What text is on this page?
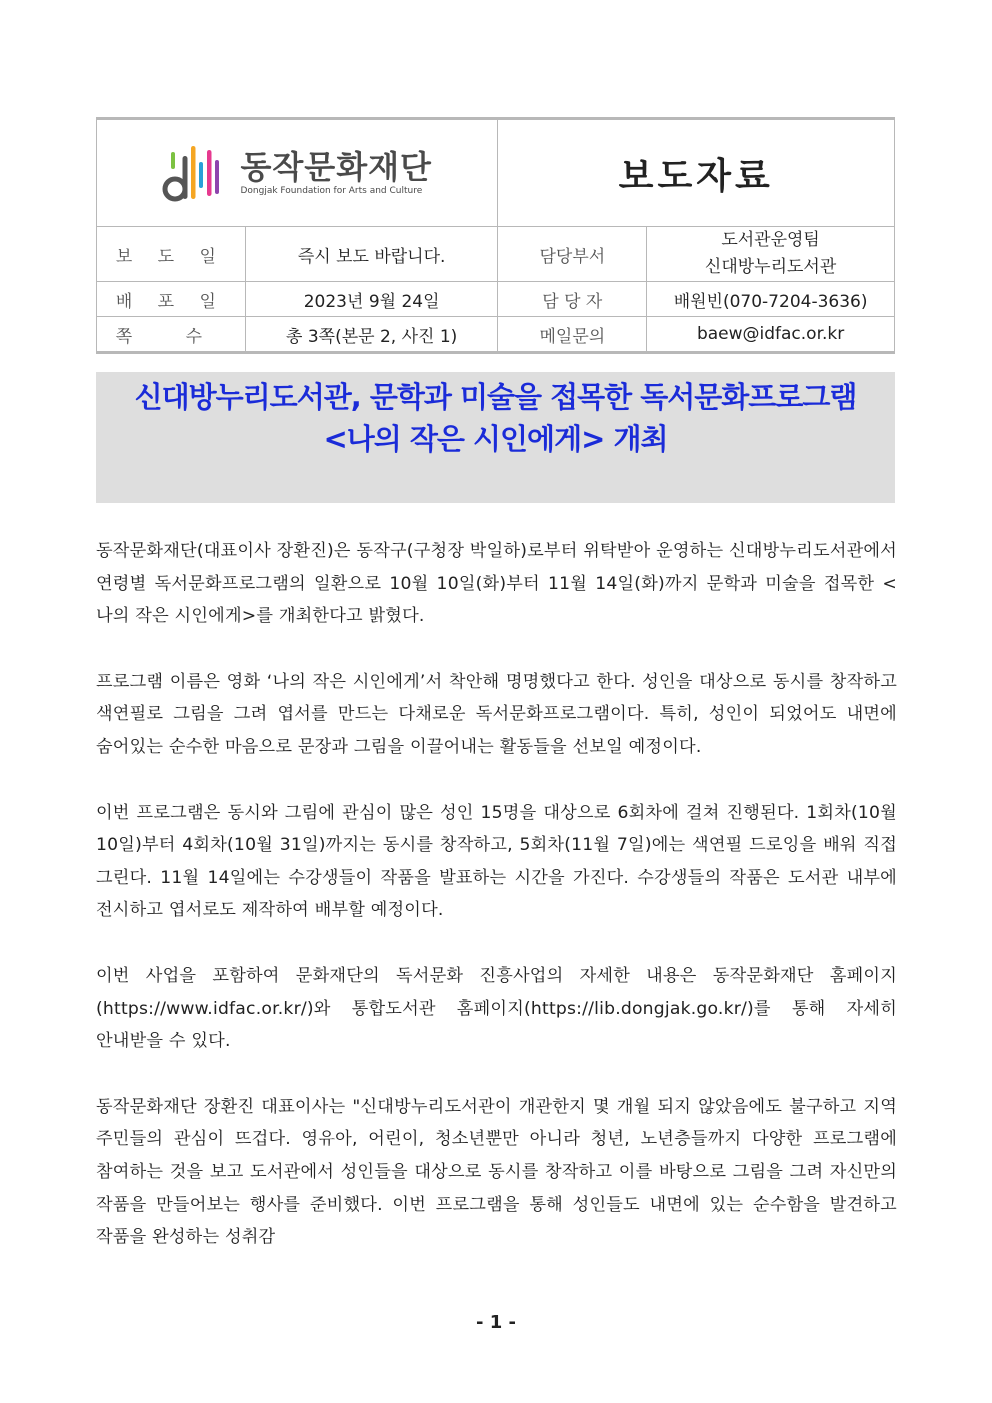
동작문화재단
Dongjak Foundation for Arts and Culture		보도자료	
보 도 일	즉시 보도 바랍니다.	담당부서	도서관운영팀
신대방누리도서관

배 포 일	2023년 9월 24일	담 당 자	배원빈(070-7204-3636)
쪽 수	총 3쪽(본문 2, 사진 1)	메일문의	baew@idfac.or.kr
신대방누리도서관, 문학과 미술을 접목한 독서문화프로그램
<나의 작은 시인에게> 개최

동작문화재단(대표이사 장환진)은 동작구(구청장 박일하)로부터 위탁받아 운영하는 신대방누리도서관에서 연령별 독서문화프로그램의 일환으로 10월 10일(화)부터 11월 14일(화)까지 문학과 미술을 접목한 <나의 작은 시인에게>를 개최한다고 밝혔다.

프로그램 이름은 영화 ‘나의 작은 시인에게’서 착안해 명명했다고 한다. 성인을 대상으로 동시를 창작하고 색연필로 그림을 그려 엽서를 만드는 다채로운 독서문화프로그램이다. 특히, 성인이 되었어도 내면에 숨어있는 순수한 마음으로 문장과 그림을 이끌어내는 활동들을 선보일 예정이다.

이번 프로그램은 동시와 그림에 관심이 많은 성인 15명을 대상으로 6회차에 걸쳐 진행된다. 1회차(10월 10일)부터 4회차(10월 31일)까지는 동시를 창작하고, 5회차(11월 7일)에는 색연필 드로잉을 배워 직접 그린다. 11월 14일에는 수강생들이 작품을 발표하는 시간을 가진다. 수강생들의 작품은 도서관 내부에 전시하고 엽서로도 제작하여 배부할 예정이다.

이번 사업을 포함하여 문화재단의 독서문화 진흥사업의 자세한 내용은 동작문화재단 홈페이지(https://www.idfac.or.kr/)와 통합도서관 홈페이지(https://lib.dongjak.go.kr/)를 통해 자세히 안내받을 수 있다.

동작문화재단 장환진 대표이사는 "신대방누리도서관이 개관한지 몇 개월 되지 않았음에도 불구하고 지역 주민들의 관심이 뜨겁다. 영유아, 어린이, 청소년뿐만 아니라 청년, 노년층들까지 다양한 프로그램에 참여하는 것을 보고 도서관에서 성인들을 대상으로 동시를 창작하고 이를 바탕으로 그림을 그려 자신만의 작품을 만들어보는 행사를 준비했다. 이번 프로그램을 통해 성인들도 내면에 있는 순수함을 발견하고 작품을 완성하는 성취감

- 1 -
